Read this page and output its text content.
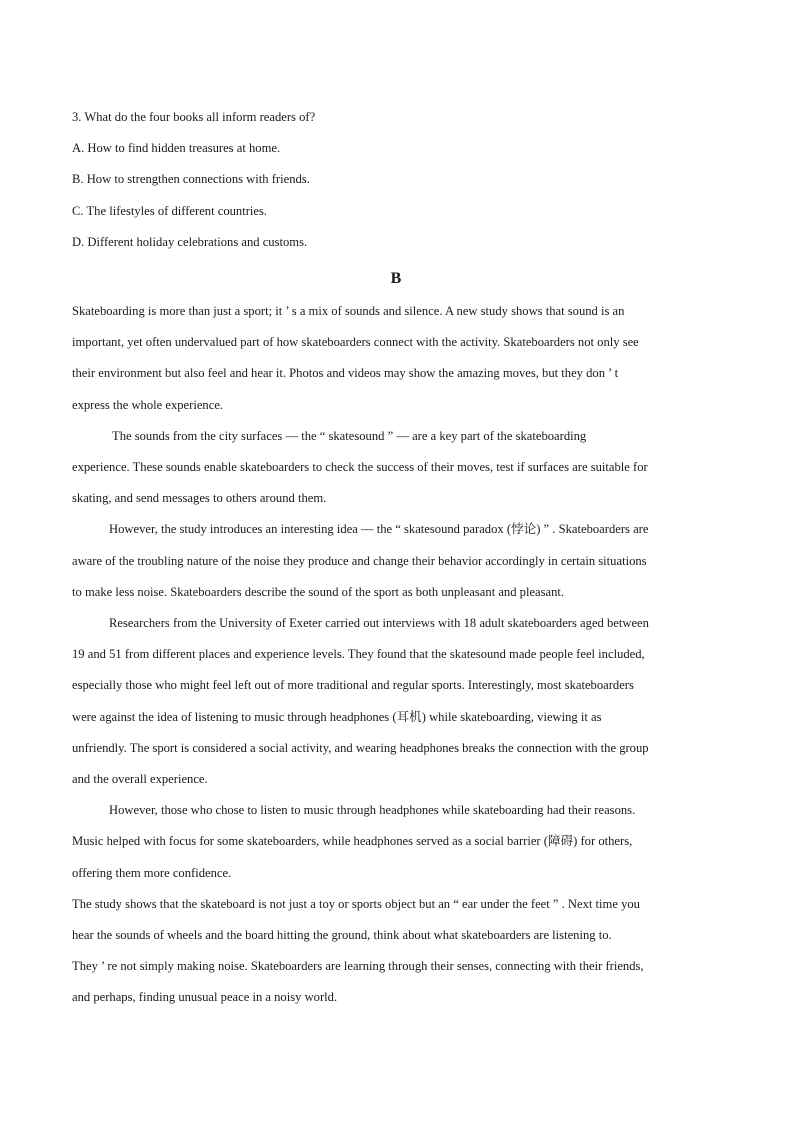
3. What do the four books all inform readers of?

A. How to find hidden treasures at home.
B. How to strengthen connections with friends.
C. The lifestyles of different countries.
D. Different holiday celebrations and customs.
B

Skateboarding is more than just a sport; it ’ s a mix of sounds and silence. A new study shows that sound is an

important, yet often undervalued part of how skateboarders connect with the activity. Skateboarders not only see

their environment but also feel and hear it. Photos and videos may show the amazing moves, but they don ’ t

express the whole experience.

The sounds from the city surfaces — the “ skatesound ” — are a key part of the skateboarding

experience. These sounds enable skateboarders to check the success of their moves, test if surfaces are suitable for

skating, and send messages to others around them.

However, the study introduces an interesting idea — the “ skatesound paradox (悖论) ” . Skateboarders are

aware of the troubling nature of the noise they produce and change their behavior accordingly in certain situations

to make less noise. Skateboarders describe the sound of the sport as both unpleasant and pleasant.

Researchers from the University of Exeter carried out interviews with 18 adult skateboarders aged between

19 and 51 from different places and experience levels. They found that the skatesound made people feel included,

especially those who might feel left out of more traditional and regular sports. Interestingly, most skateboarders

were against the idea of listening to music through headphones (耳机) while skateboarding, viewing it as

unfriendly. The sport is considered a social activity, and wearing headphones breaks the connection with the group

and the overall experience.

However, those who chose to listen to music through headphones while skateboarding had their reasons.

Music helped with focus for some skateboarders, while headphones served as a social barrier (障碍) for others,

offering them more confidence.

The study shows that the skateboard is not just a toy or sports object but an “ ear under the feet ” . Next time you

hear the sounds of wheels and the board hitting the ground, think about what skateboarders are listening to.

They ’ re not simply making noise. Skateboarders are learning through their senses, connecting with their friends,

and perhaps, finding unusual peace in a noisy world.
